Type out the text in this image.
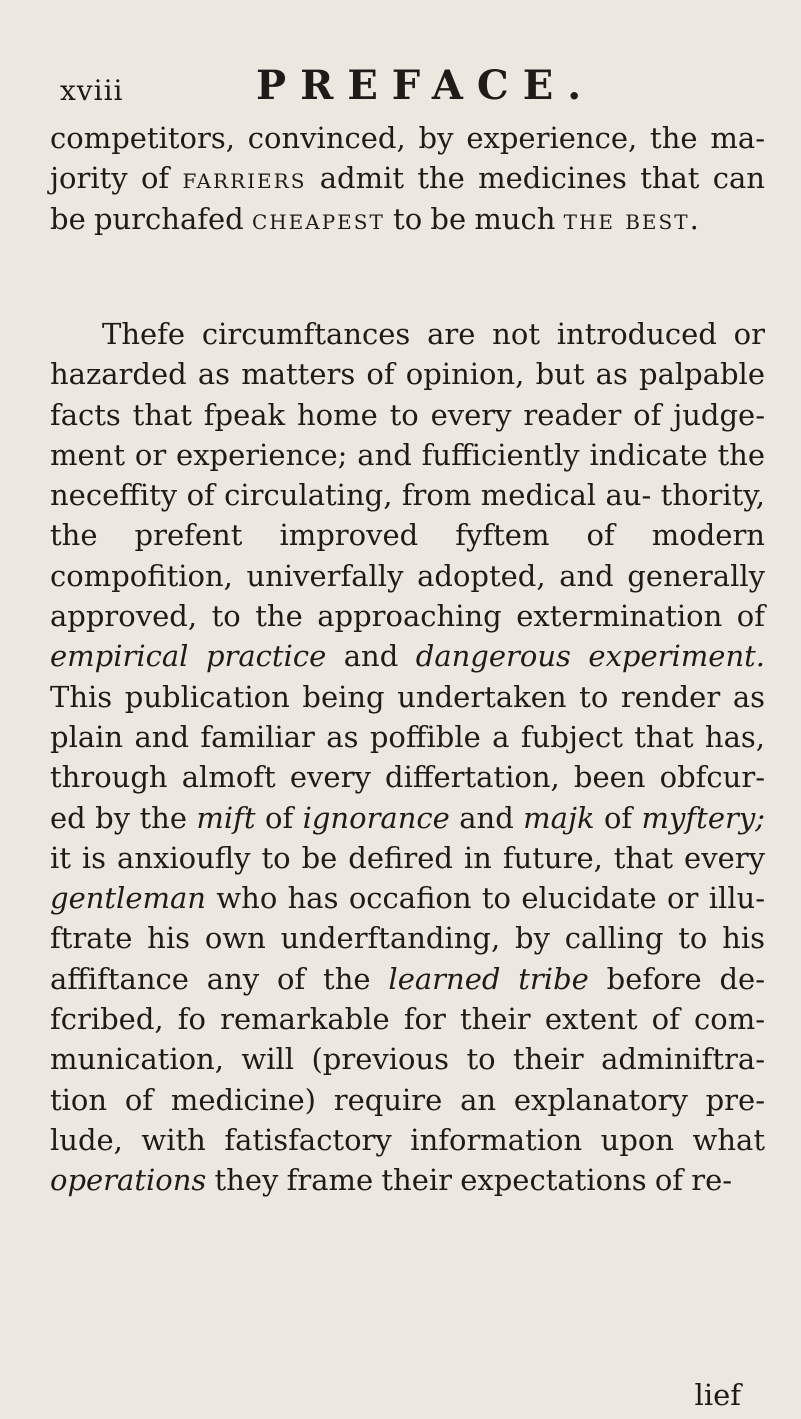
xviii	PREFACE.
competitors, convinced, by experience, the ma- jority of farriers admit the medicines that can be purchafed cheapest to be much the best.
Thefe circumftances are not introduced or hazarded as matters of opinion, but as palpable facts that fpeak home to every reader of judge- ment or experience; and fufficiently indicate the neceffity of circulating, from medical au- thority, the prefent improved fyftem of modern compofition, univerfally adopted, and generally approved, to the approaching extermination of empirical practice and dangerous experiment. This publication being undertaken to render as plain and familiar as poffible a fubject that has, through almoft every differtation, been obfcur- ed by the mift of ignorance and majk of myftery; it is anxioufly to be defired in future, that every gentleman who has occafion to elucidate or illu- ftrate his own underftanding, by calling to his affiftance any of the learned tribe before de- fcribed, fo remarkable for their extent of com- munication, will (previous to their adminiftra- tion of medicine) require an explanatory pre- lude, with fatisfactory information upon what operations they frame their expectations of re-
lief
